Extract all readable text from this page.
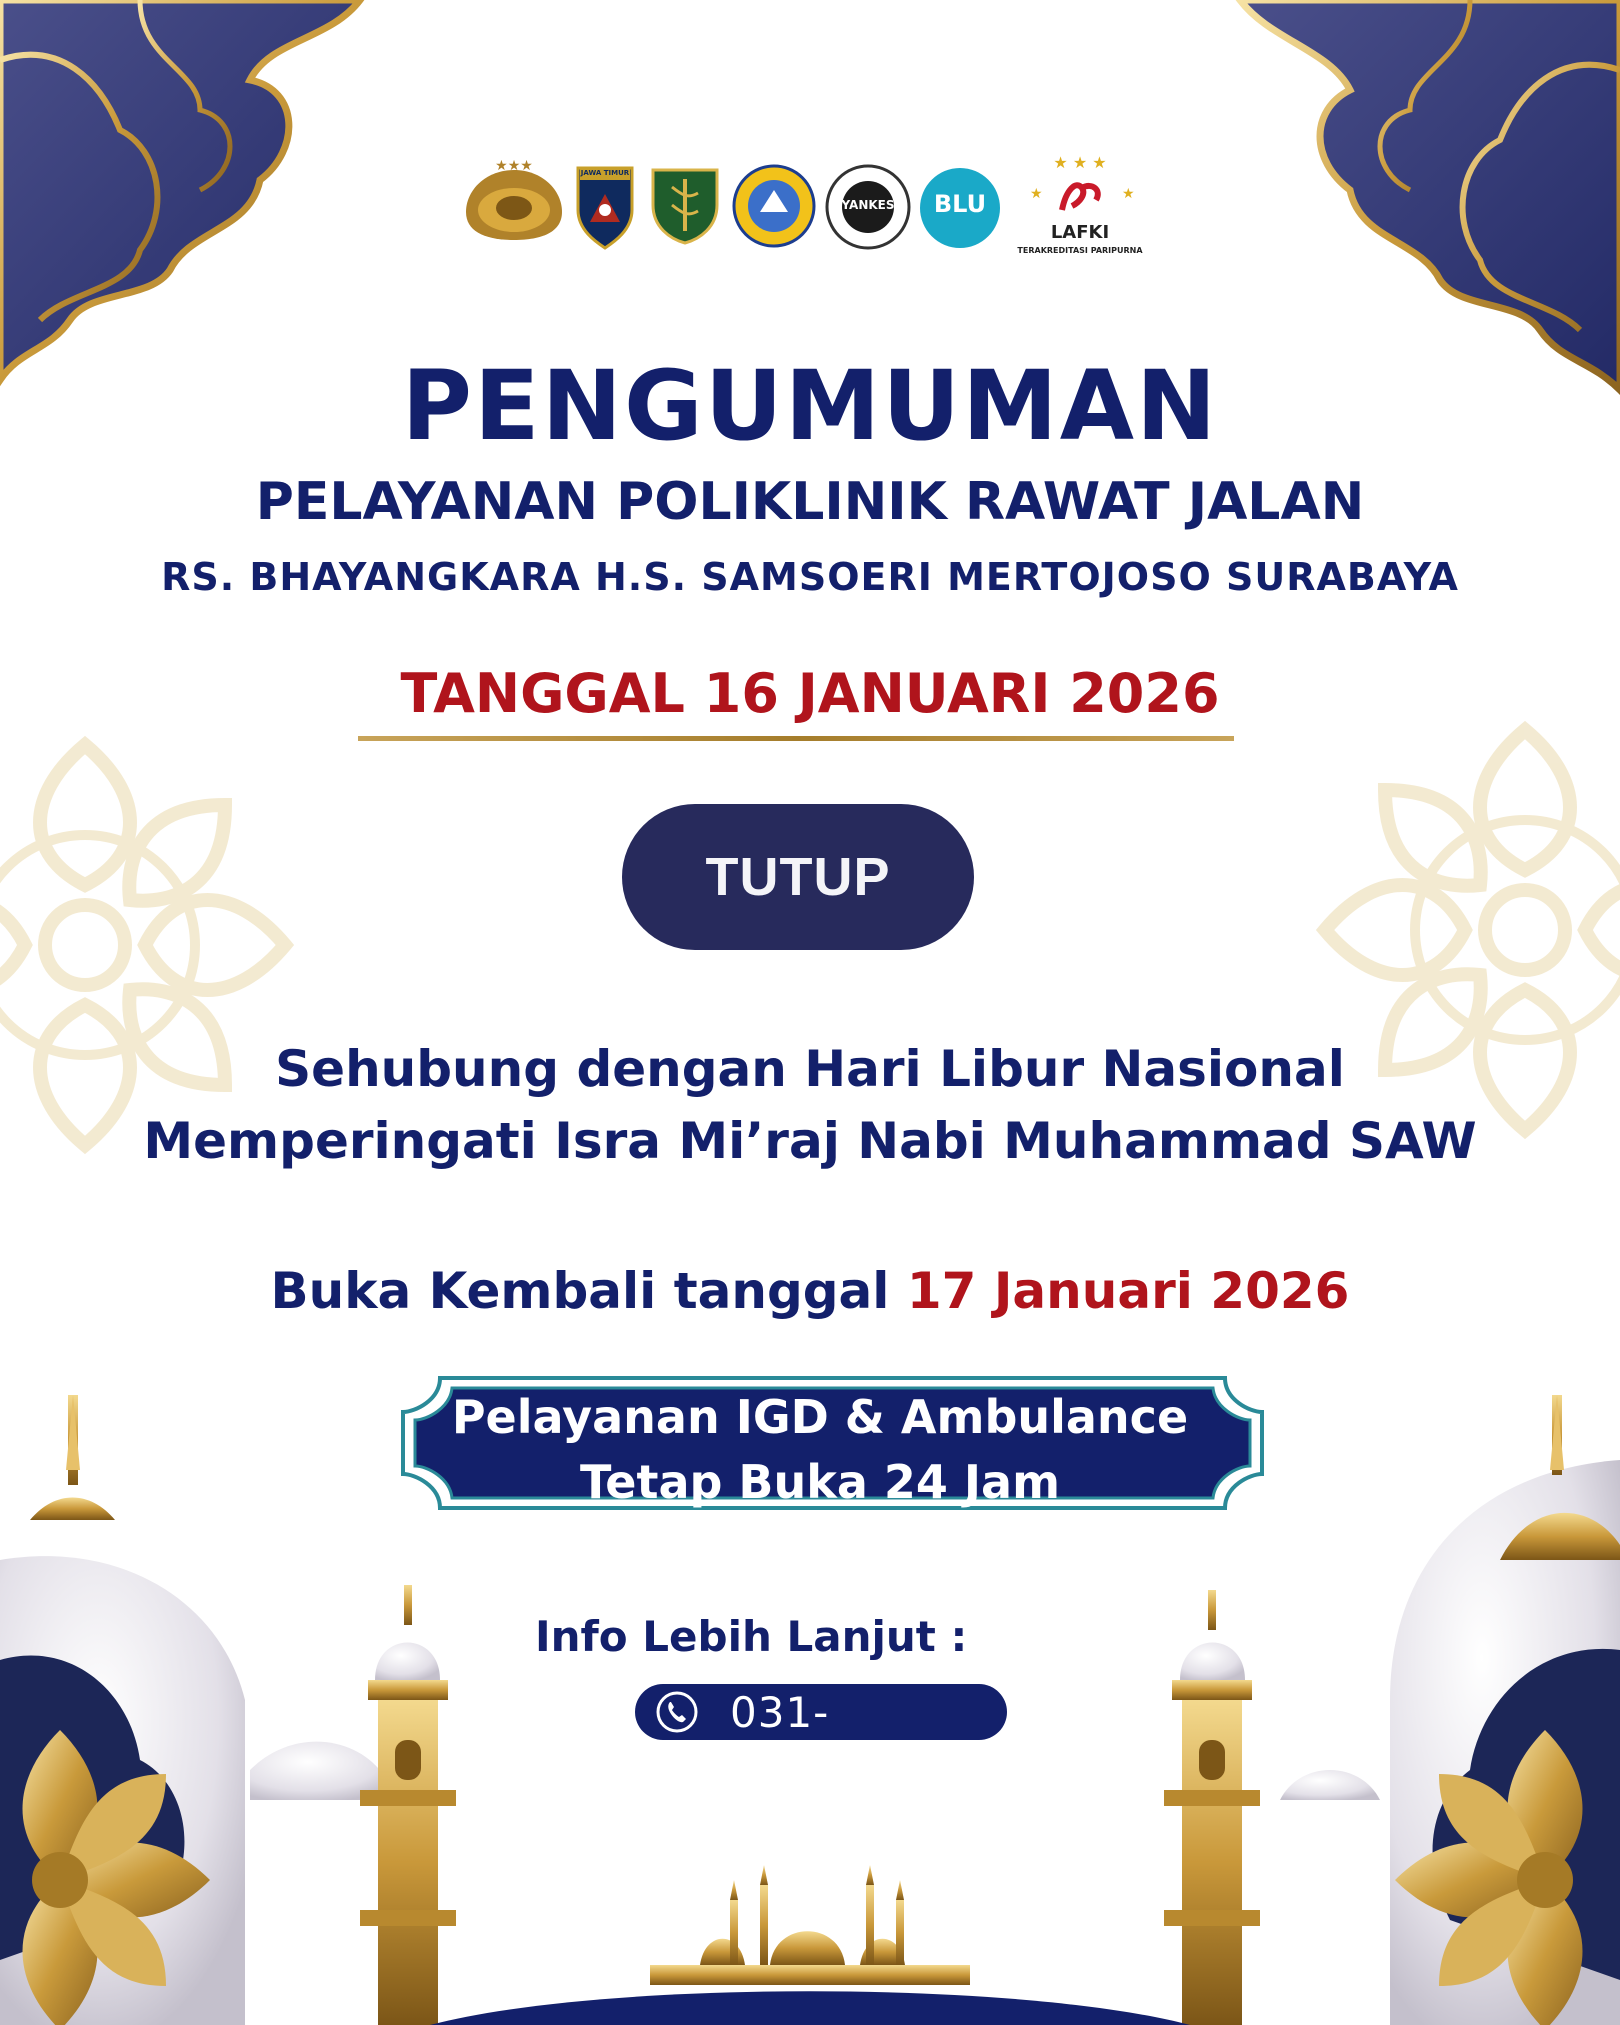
★★★	JAWA TIMUR
YANKES	BLU
★ ★ ★
★	★
LAFKI
TERAKREDITASI PARIPURNA
PENGUMUMAN
PELAYANAN POLIKLINIK RAWAT JALAN
RS. BHAYANGKARA H.S. SAMSOERI MERTOJOSO SURABAYA
TANGGAL 16 JANUARI 2026
TUTUP
Sehubung dengan Hari Libur Nasional
Memperingati Isra Mi’raj Nabi Muhammad SAW
Buka Kembali tanggal 17 Januari 2026
Pelayanan IGD & Ambulance
Tetap Buka 24 Jam
Info Lebih Lanjut :
031-8292227
